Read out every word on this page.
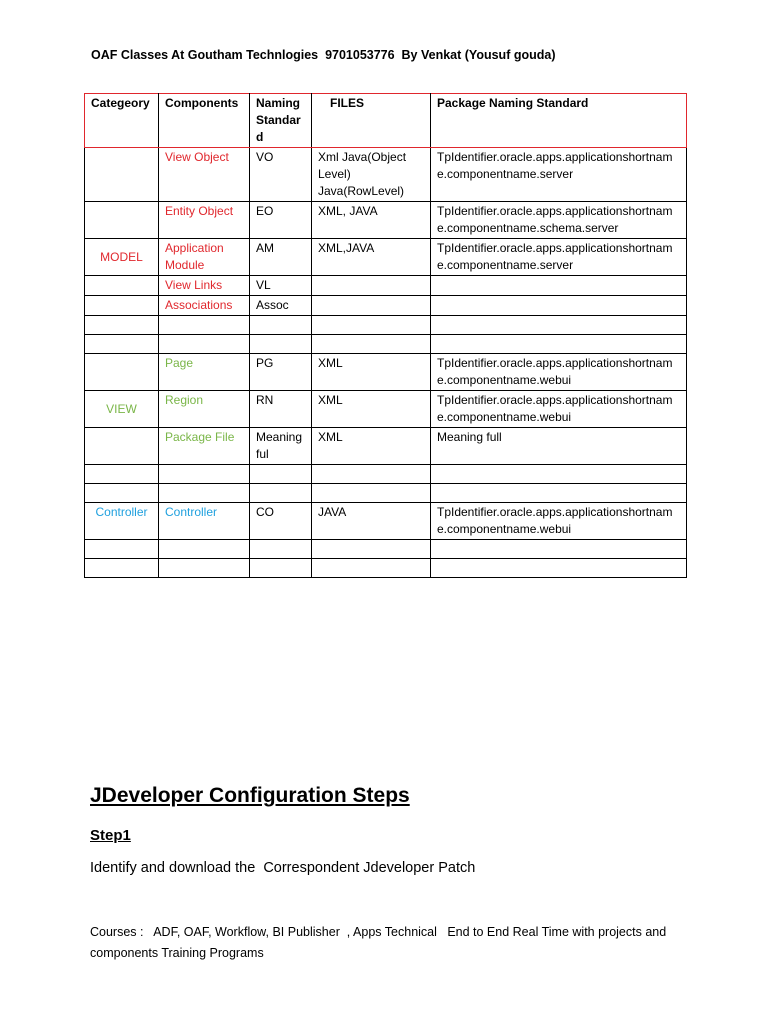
OAF Classes At Goutham Technlogies  9701053776  By Venkat (Yousuf gouda)
Categeory	Components	Naming Standard	FILES	Package Naming Standard
	View Object	VO	Xml Java(Object Level) Java(RowLevel)	TpIdentifier.oracle.apps.applicationshortname.componentname.server
	Entity Object	EO	XML, JAVA	TpIdentifier.oracle.apps.applicationshortname.componentname.schema.server
MODEL	Application Module	AM	XML,JAVA	TpIdentifier.oracle.apps.applicationshortname.componentname.server
	View Links	VL		
	Associations	Assoc		

	Page	PG	XML	TpIdentifier.oracle.apps.applicationshortname.componentname.webui
VIEW	Region	RN	XML	TpIdentifier.oracle.apps.applicationshortname.componentname.webui
	Package File	Meaningful	XML	Meaning full

Controller	Controller	CO	JAVA	TpIdentifier.oracle.apps.applicationshortname.componentname.webui

JDeveloper Configuration Steps
Step1
Identify and download the  Correspondent Jdeveloper Patch
Courses :   ADF, OAF, Workflow, BI Publisher  , Apps Technical   End to End Real Time with projects and components Training Programs
